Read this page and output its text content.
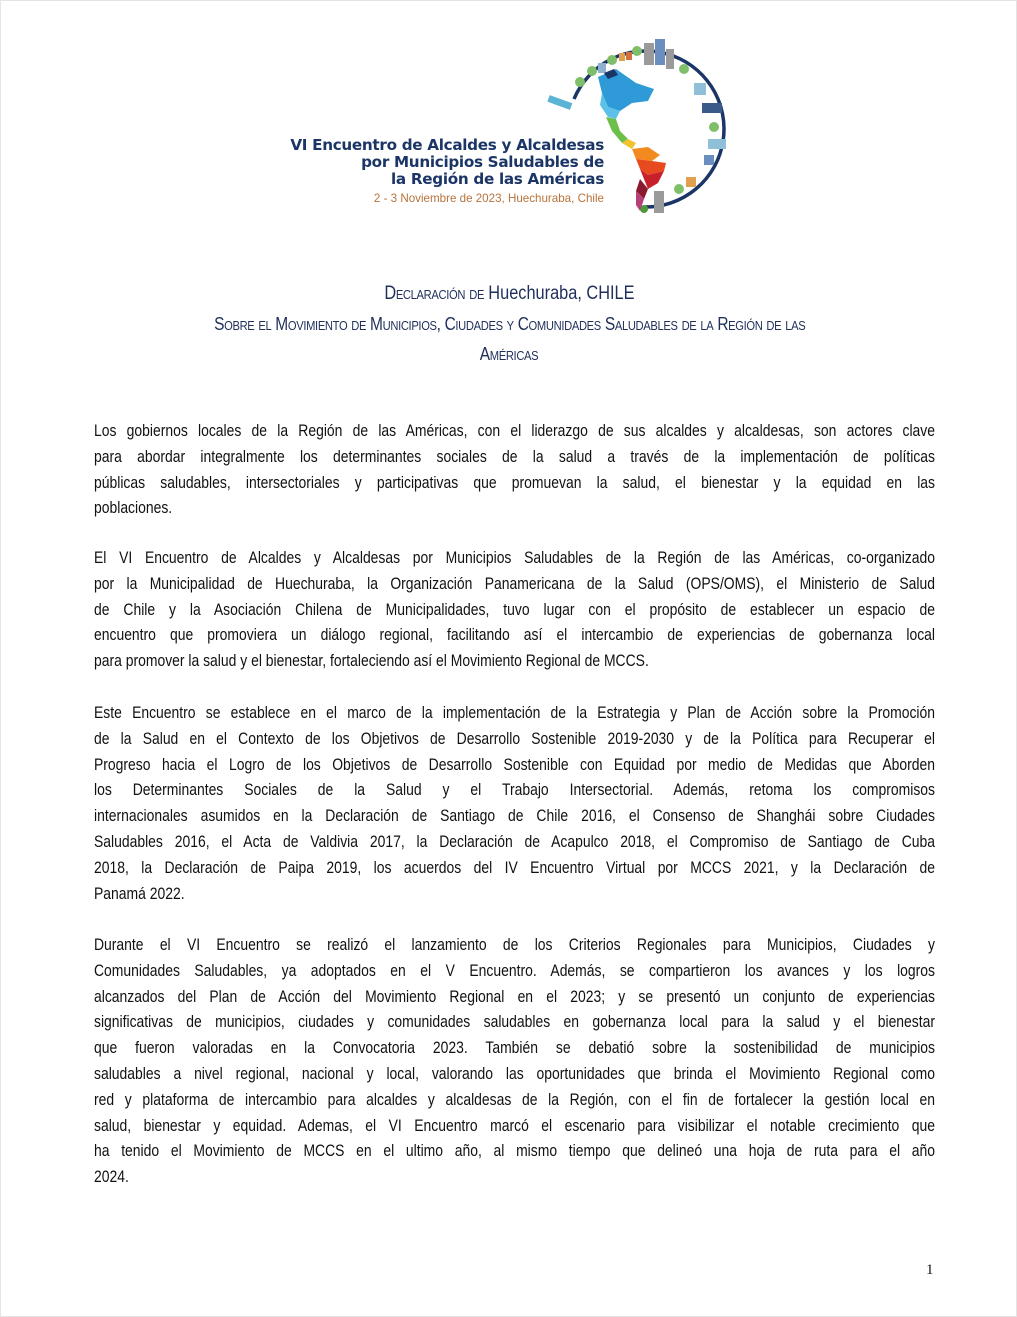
VI Encuentro de Alcaldes y Alcaldesas
por Municipios Saludables de
la Región de las Américas
2 - 3 Noviembre de 2023, Huechuraba, Chile
Declaración de Huechuraba, CHILE
Sobre el Movimiento de Municipios, Ciudades y Comunidades Saludables de la Región de las
Américas

Los gobiernos locales de la Región de las Américas, con el liderazgo de sus alcaldes y alcaldesas, son actores clave
para abordar integralmente los determinantes sociales de la salud a través de la implementación de políticas
públicas saludables, intersectoriales y participativas que promuevan la salud, el bienestar y la equidad en las
poblaciones.

El VI Encuentro de Alcaldes y Alcaldesas por Municipios Saludables de la Región de las Américas, co-organizado
por la Municipalidad de Huechuraba, la Organización Panamericana de la Salud (OPS/OMS), el Ministerio de Salud
de Chile y la Asociación Chilena de Municipalidades, tuvo lugar con el propósito de establecer un espacio de
encuentro que promoviera un diálogo regional, facilitando así el intercambio de experiencias de gobernanza local
para promover la salud y el bienestar, fortaleciendo así el Movimiento Regional de MCCS.

Este Encuentro se establece en el marco de la implementación de la Estrategia y Plan de Acción sobre la Promoción
de la Salud en el Contexto de los Objetivos de Desarrollo Sostenible 2019-2030 y de la Política para Recuperar el
Progreso hacia el Logro de los Objetivos de Desarrollo Sostenible con Equidad por medio de Medidas que Aborden
los Determinantes Sociales de la Salud y el Trabajo Intersectorial. Además, retoma los compromisos
internacionales asumidos en la Declaración de Santiago de Chile 2016, el Consenso de Shanghái sobre Ciudades
Saludables 2016, el Acta de Valdivia 2017, la Declaración de Acapulco 2018, el Compromiso de Santiago de Cuba
2018, la Declaración de Paipa 2019, los acuerdos del IV Encuentro Virtual por MCCS 2021, y la Declaración de
Panamá 2022.

Durante el VI Encuentro se realizó el lanzamiento de los Criterios Regionales para Municipios, Ciudades y
Comunidades Saludables, ya adoptados en el V Encuentro. Además, se compartieron los avances y los logros
alcanzados del Plan de Acción del Movimiento Regional en el 2023; y se presentó un conjunto de experiencias
significativas de municipios, ciudades y comunidades saludables en gobernanza local para la salud y el bienestar
que fueron valoradas en la Convocatoria 2023. También se debatió sobre la sostenibilidad de municipios
saludables a nivel regional, nacional y local, valorando las oportunidades que brinda el Movimiento Regional como
red y plataforma de intercambio para alcaldes y alcaldesas de la Región, con el fin de fortalecer la gestión local en
salud, bienestar y equidad. Ademas, el VI Encuentro marcó el escenario para visibilizar el notable crecimiento que
ha tenido el Movimiento de MCCS en el ultimo año, al mismo tiempo que delineó una hoja de ruta para el año
2024.

1
